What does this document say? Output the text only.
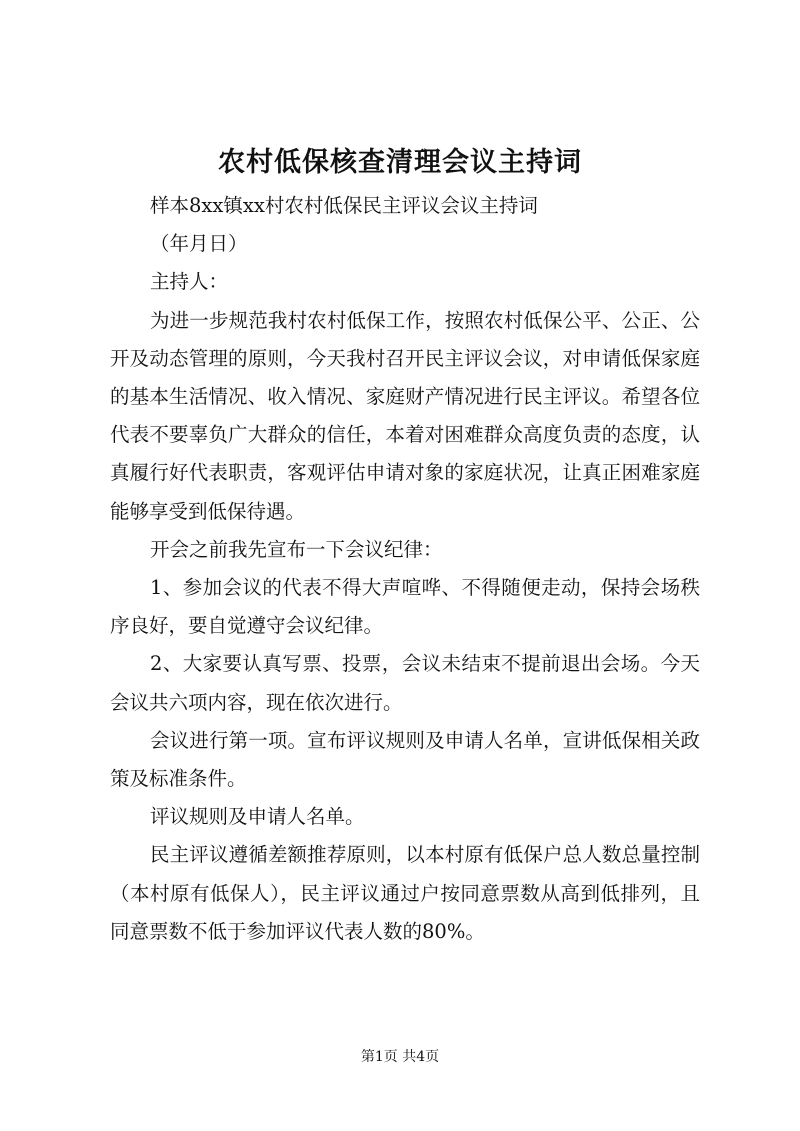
农村低保核查清理会议主持词

样本8xx镇xx村农村低保民主评议会议主持词

（年月日）

主持人：

为进一步规范我村农村低保工作，按照农村低保公平、公正、公开及动态管理的原则，今天我村召开民主评议会议，对申请低保家庭的基本生活情况、收入情况、家庭财产情况进行民主评议。希望各位代表不要辜负广大群众的信任，本着对困难群众高度负责的态度，认真履行好代表职责，客观评估申请对象的家庭状况，让真正困难家庭能够享受到低保待遇。

开会之前我先宣布一下会议纪律：

1、参加会议的代表不得大声喧哗、不得随便走动，保持会场秩序良好，要自觉遵守会议纪律。

2、大家要认真写票、投票，会议未结束不提前退出会场。今天会议共六项内容，现在依次进行。

会议进行第一项。宣布评议规则及申请人名单，宣讲低保相关政策及标准条件。

评议规则及申请人名单。

民主评议遵循差额推荐原则，以本村原有低保户总人数总量控制（本村原有低保人），民主评议通过户按同意票数从高到低排列，且同意票数不低于参加评议代表人数的80%。

第1页 共4页
